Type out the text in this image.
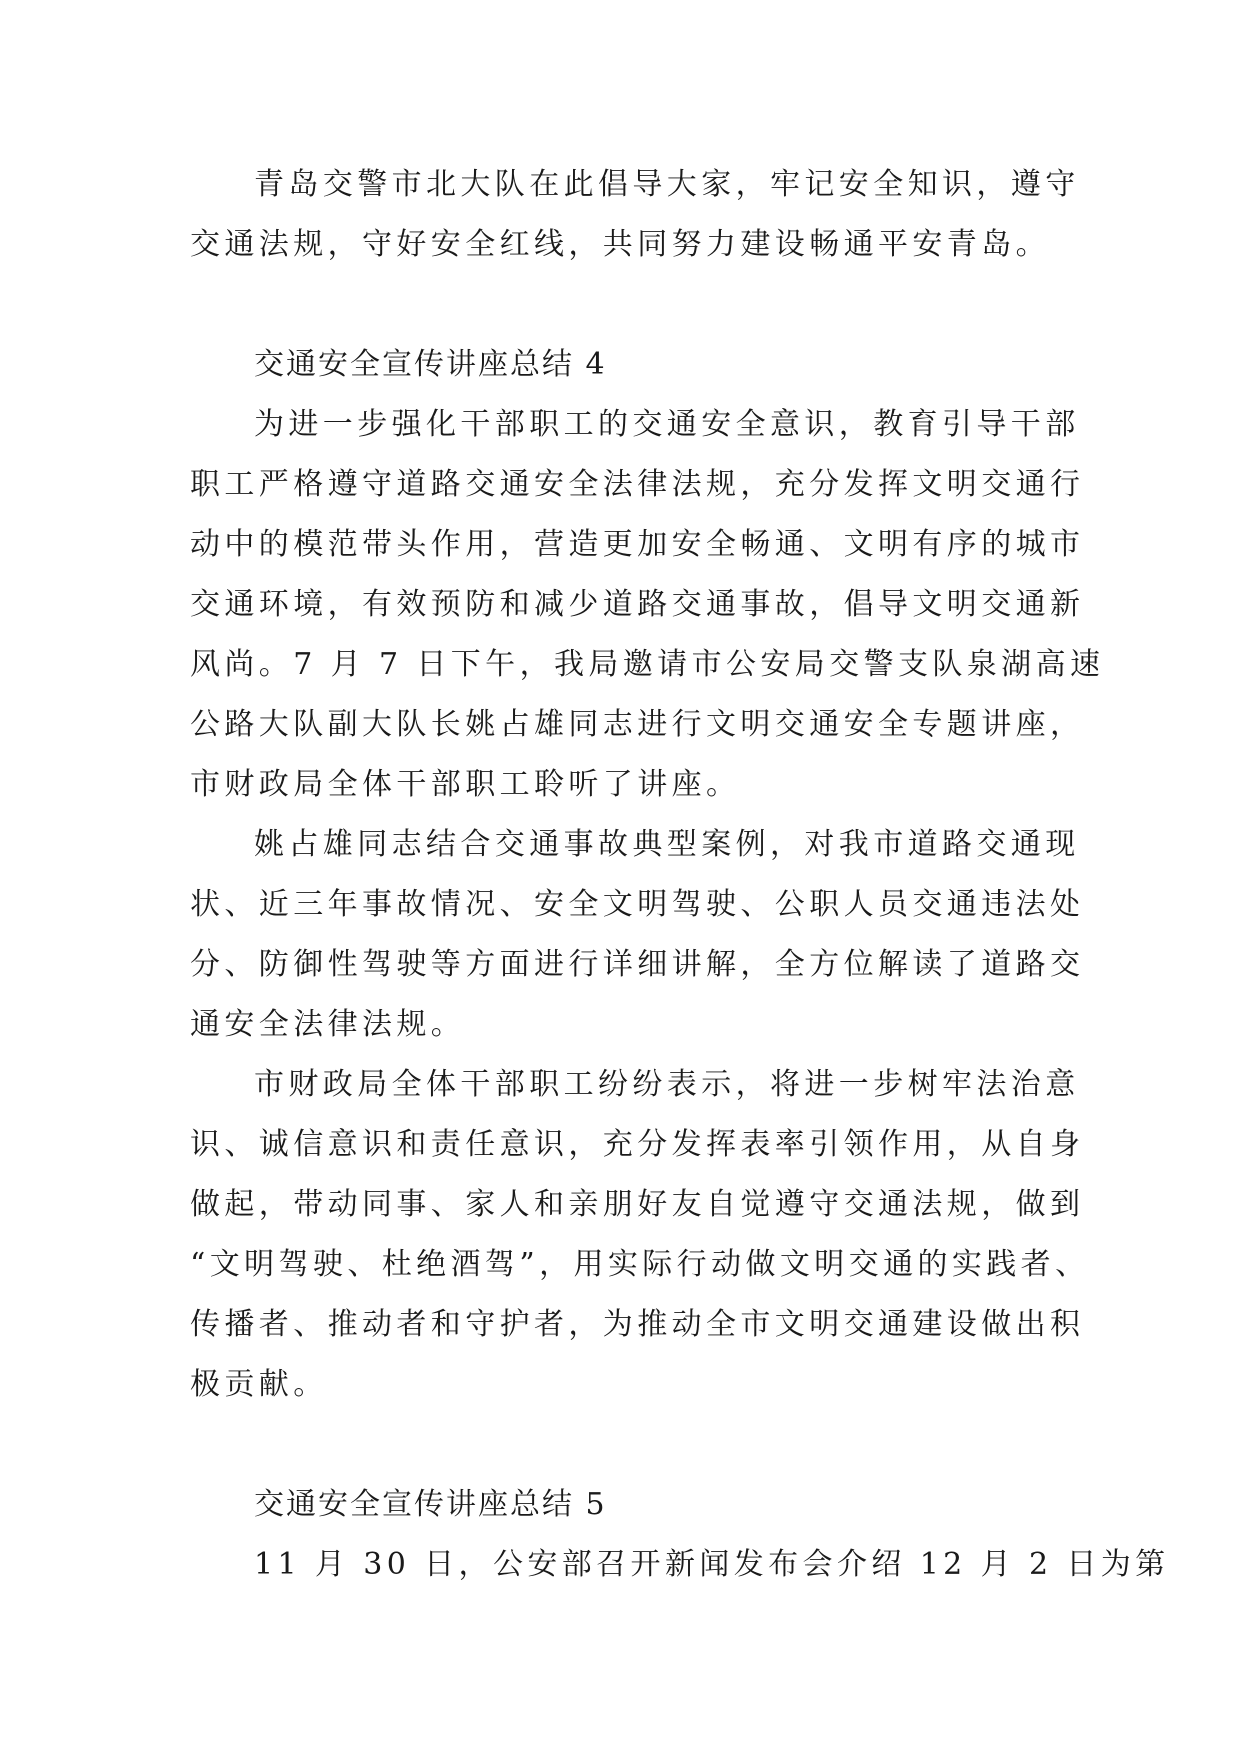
青岛交警市北大队在此倡导大家，牢记安全知识，遵守
交通法规，守好安全红线，共同努力建设畅通平安青岛。
交通安全宣传讲座总结 4
为进一步强化干部职工的交通安全意识，教育引导干部
职工严格遵守道路交通安全法律法规，充分发挥文明交通行
动中的模范带头作用，营造更加安全畅通、文明有序的城市
交通环境，有效预防和减少道路交通事故，倡导文明交通新
风尚。7 月 7 日下午，我局邀请市公安局交警支队泉湖高速
公路大队副大队长姚占雄同志进行文明交通安全专题讲座，
市财政局全体干部职工聆听了讲座。
姚占雄同志结合交通事故典型案例，对我市道路交通现
状、近三年事故情况、安全文明驾驶、公职人员交通违法处
分、防御性驾驶等方面进行详细讲解，全方位解读了道路交
通安全法律法规。
市财政局全体干部职工纷纷表示，将进一步树牢法治意
识、诚信意识和责任意识，充分发挥表率引领作用，从自身
做起，带动同事、家人和亲朋好友自觉遵守交通法规，做到
“文明驾驶、杜绝酒驾”，用实际行动做文明交通的实践者、
传播者、推动者和守护者，为推动全市文明交通建设做出积
极贡献。
交通安全宣传讲座总结 5
11 月 30 日，公安部召开新闻发布会介绍 12 月 2 日为第
